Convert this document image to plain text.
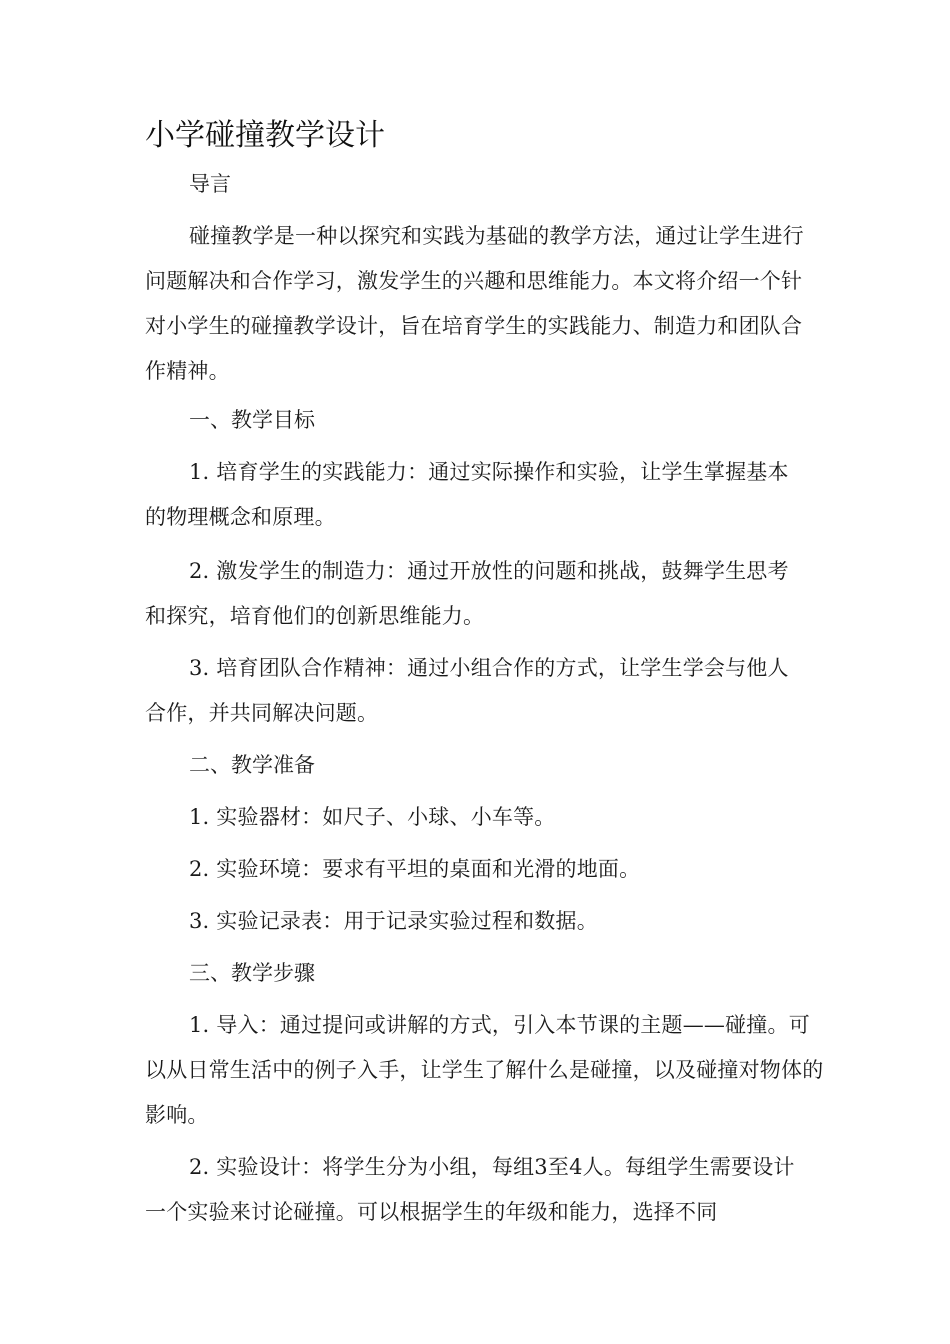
小学碰撞教学设计
导言

碰撞教学是一种以探究和实践为基础的教学方法，通过让学生进行问题解决和合作学习，激发学生的兴趣和思维能力。本文将介绍一个针对小学生的碰撞教学设计，旨在培育学生的实践能力、制造力和团队合作精神。

一、教学目标

1. 培育学生的实践能力：通过实际操作和实验，让学生掌握基本的物理概念和原理。

2. 激发学生的制造力：通过开放性的问题和挑战，鼓舞学生思考和探究，培育他们的创新思维能力。

3. 培育团队合作精神：通过小组合作的方式，让学生学会与他人合作，并共同解决问题。

二、教学准备

1. 实验器材：如尺子、小球、小车等。

2. 实验环境：要求有平坦的桌面和光滑的地面。

3. 实验记录表：用于记录实验过程和数据。

三、教学步骤

1. 导入：通过提问或讲解的方式，引入本节课的主题——碰撞。可以从日常生活中的例子入手，让学生了解什么是碰撞，以及碰撞对物体的影响。

2. 实验设计：将学生分为小组，每组3至4人。每组学生需要设计一个实验来讨论碰撞。可以根据学生的年级和能力，选择不同
